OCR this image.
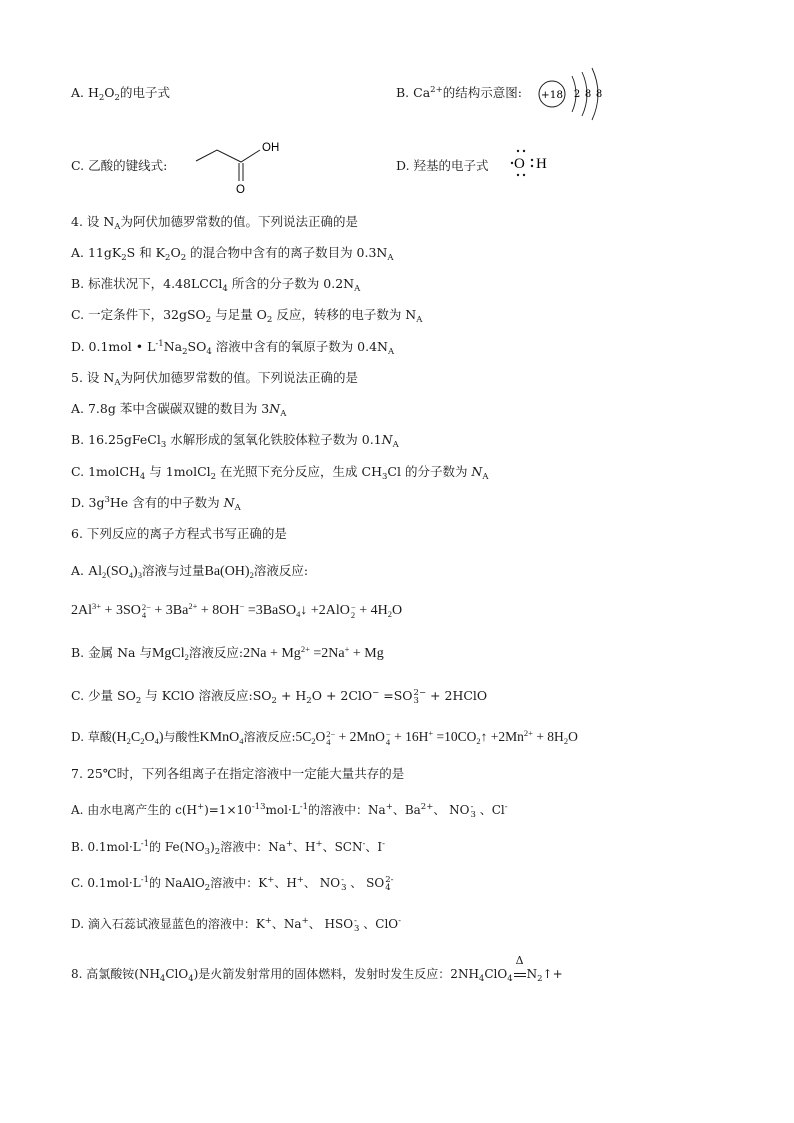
A. $H_2O_2$的电子式	B. $Ca^{2+}$的结构示意图: +18 2 8 8
C. 乙酸的键线式:
OH
O
D. 羟基的电子式 O H
4. 设 $N_A$为阿伏加德罗常数的值。下列说法正确的是
A. $11gK_2S$ 和 $K_2O_2$ 的混合物中含有的离子数目为 $0.3N_A$
B. 标准状况下，4.48LCCl$_4$ 所含的分子数为 $0.2N_A$
C. 一定条件下，32gSO$_2$ 与足量 $O_2$ 反应，转移的电子数为 $N_A$
D. 0.1mol • $L^{-1}Na_2SO_4$ 溶液中含有的氧原子数为 $0.4N_A$
5. 设 $N_A$为阿伏加德罗常数的值。下列说法正确的是
A. 7.8g 苯中含碳碳双键的数目为 $3N_A$
B. 16.25gFeCl$_3$ 水解形成的氢氧化铁胶体粒子数为 $0.1N_A$
C. 1molCH$_4$ 与 1molCl$_2$ 在光照下充分反应，生成 $CH_3Cl$ 的分子数为 $N_A$
D. $3g^3He$ 含有的中子数为 $N_A$
6. 下列反应的离子方程式书写正确的是
A. $Al_2(SO_4)_3$溶液与过量$Ba(OH)_2$溶液反应:
$2Al^{3+} + 3SO$ 2−
$4 + 3Ba^{2+} + 8OH^-$ =3BaSO$_4$↓ +2AlO −
$2 + 4H_2O$
B. 金属 Na 与MgCl$_2$溶液反应:2Na + $Mg^{2+} =2Na^+ + Mg$
C. 少量 $SO_2$ 与 KClO 溶液反应$:SO_2 + H_2O + 2ClO^- =SO$ 2−
3 + 2HClO
D. 草酸$(H_2C_2O_4)$与酸性KMnO$_4$溶液反应$:5C_2O$ 2−
4 + 2MnO −
$4 + 16H^+ =10CO_2↑ +2Mn^{2+} + 8H_2O$
7. 25℃时，下列各组离子在指定溶液中一定能大量共存的是
A. 由水电离产生的 $c(H^+)=1\times 10^{-13}mol\cdot L^{-1}$的溶液中：Na+、$Ba^{2+}$、 NO -
3 、Cl-
B. $0.1mol\cdot L^{-1}$的 $Fe(NO_3)_2$溶液中：Na+、H+、SCN-、I-
C. $0.1mol\cdot L^{-1}$的 NaAlO$_2$溶液中：K+、H+、 NO -
3 、 SO 2-
4
D. 滴入石蕊试液显蓝色的溶液中：K+、Na+、 HSO -
3 、ClO-
8. 高氯酸铵$(NH_4ClO_4)$是火箭发射常用的固体燃料，发射时发生反应：$2NH_4ClO_4$
Δ
$N_2↑+$
